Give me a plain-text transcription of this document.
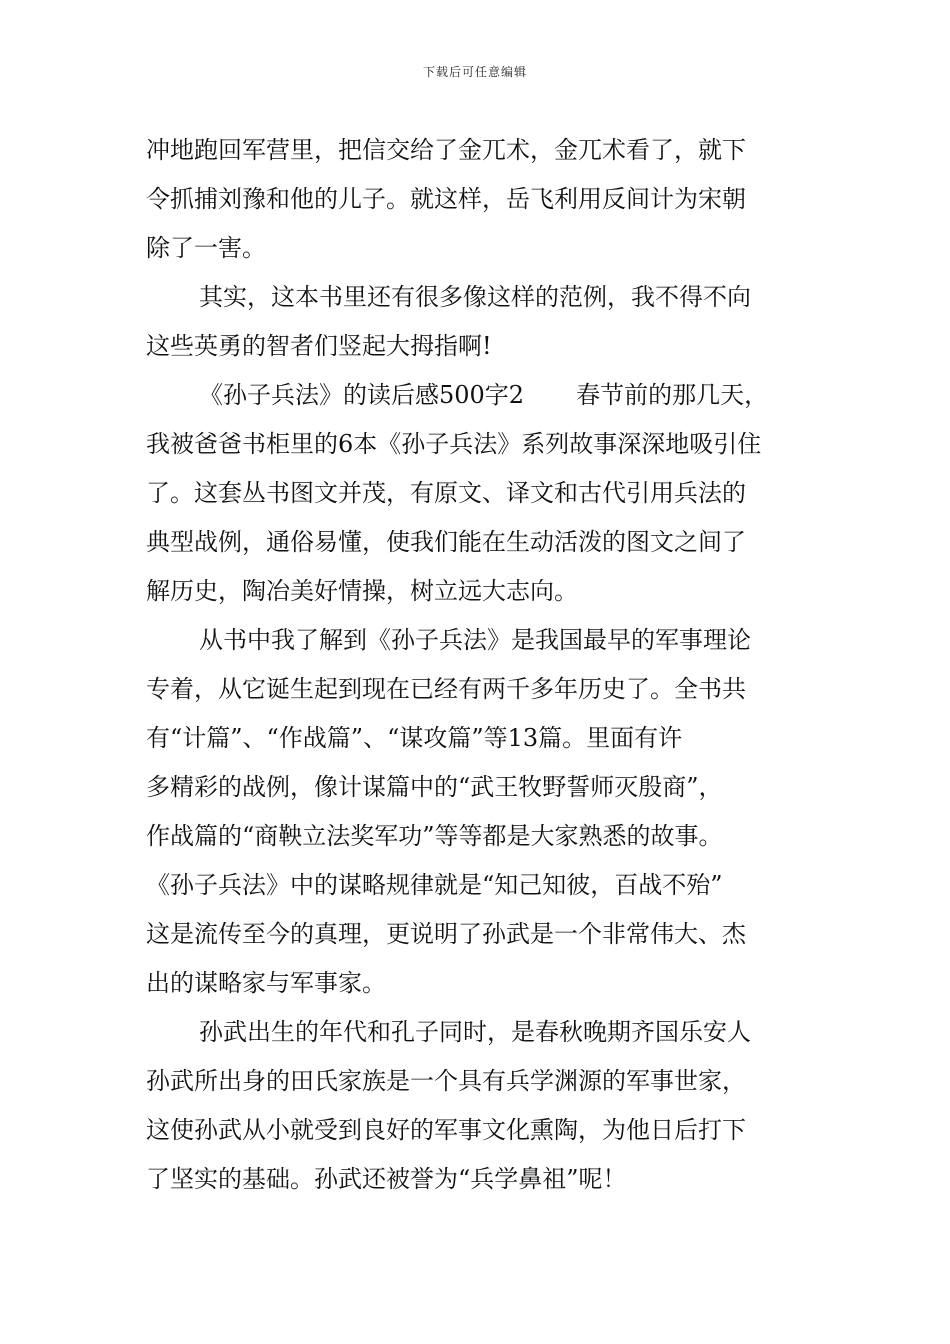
下载后可任意编辑
冲地跑回军营里，把信交给了金兀术，金兀术看了，就下
令抓捕刘豫和他的儿子。就这样，岳飞利用反间计为宋朝
除了一害。
其实，这本书里还有很多像这样的范例，我不得不向
这些英勇的智者们竖起大拇指啊!
《孙子兵法》的读后感500字2 春节前的那几天，
我被爸爸书柜里的6本《孙子兵法》系列故事深深地吸引住
了。这套丛书图文并茂，有原文、译文和古代引用兵法的
典型战例，通俗易懂，使我们能在生动活泼的图文之间了
解历史，陶冶美好情操，树立远大志向。
从书中我了解到《孙子兵法》是我国最早的军事理论
专着，从它诞生起到现在已经有两千多年历史了。全书共
有“计篇”、“作战篇”、“谋攻篇”等13篇。里面有许
多精彩的战例，像计谋篇中的“武王牧野誓师灭殷商”，
作战篇的“商鞅立法奖军功”等等都是大家熟悉的故事。
《孙子兵法》中的谋略规律就是“知己知彼，百战不殆”
这是流传至今的真理，更说明了孙武是一个非常伟大、杰
出的谋略家与军事家。
孙武出生的年代和孔子同时，是春秋晚期齐国乐安人
孙武所出身的田氏家族是一个具有兵学渊源的军事世家，
这使孙武从小就受到良好的军事文化熏陶，为他日后打下
了坚实的基础。孙武还被誉为“兵学鼻祖”呢！
